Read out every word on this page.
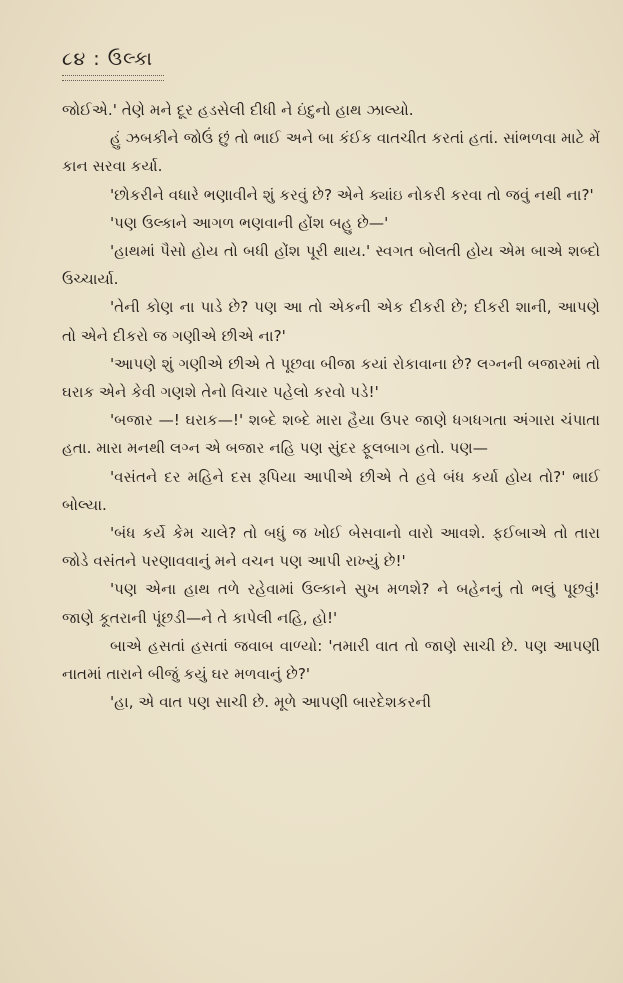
૮૪ : ઉલ્કા

જોઈએ.' તેણે મને દૂર હડસેલી દીધી ને ઇંદુનો હાથ ઝાલ્યો.

હું ઝબકીને જોઉં છું તો ભાઈ અને બા કંઈક વાતચીત કરતાં હતાં. સાંભળવા માટે મેં કાન સરવા કર્યા.

'છોકરીને વધારે ભણાવીને શું કરવું છે? એને ક્યાંઇ નોકરી કરવા તો જવું નથી ના?'

'પણ ઉલ્કાને આગળ ભણવાની હોંશ બહુ છે—'

'હાથમાં પૈસો હોય તો બધી હોંશ પૂરી થાય.' સ્વગત બોલતી હોય એમ બાએ શબ્દો ઉચ્ચાર્યા.

'તેની કોણ ના પાડે છે? પણ આ તો એકની એક દીકરી છે; દીકરી શાની, આપણે તો એને દીકરો જ ગણીએ છીએ ના?'

'આપણે શું ગણીએ છીએ તે પૂછવા બીજા કયાં રોકાવાના છે? લગ્નની બજારમાં તો ઘરાક એને કેવી ગણશે તેનો વિચાર પહેલો કરવો પડે!'

'બજાર —! ઘરાક—!' શબ્દે શબ્દે મારા હૈયા ઉપર જાણે ધગધગતા અંગારા ચંપાતા હતા. મારા મનથી લગ્ન એ બજાર નહિ પણ સુંદર ફૂલબાગ હતો. પણ—

'વસંતને દર મહિને દસ રૂપિયા આપીએ છીએ તે હવે બંધ કર્યા હોય તો?' ભાઈ બોલ્યા.

'બંધ કર્યે કેમ ચાલે? તો બધું જ ખોઈ બેસવાનો વારો આવશે. ફઈબાએ તો તારા જોડે વસંતને પરણાવવાનું મને વચન પણ આપી રાખ્યું છે!'

'પણ એના હાથ તળે રહેવામાં ઉલ્કાને સુખ મળશે? ને બહેનનું તો ભલું પૂછવું! જાણે કૂતરાની પૂંછડી—ને તે કાપેલી નહિ, હો!'

બાએ હસતાં હસતાં જવાબ વાળ્યો: 'તમારી વાત તો જાણે સાચી છે. પણ આપણી નાતમાં તારાને બીજું કયું ઘર મળવાનું છે?'

'હા, એ વાત પણ સાચી છે. મૂળે આપણી બારદેશકરની
